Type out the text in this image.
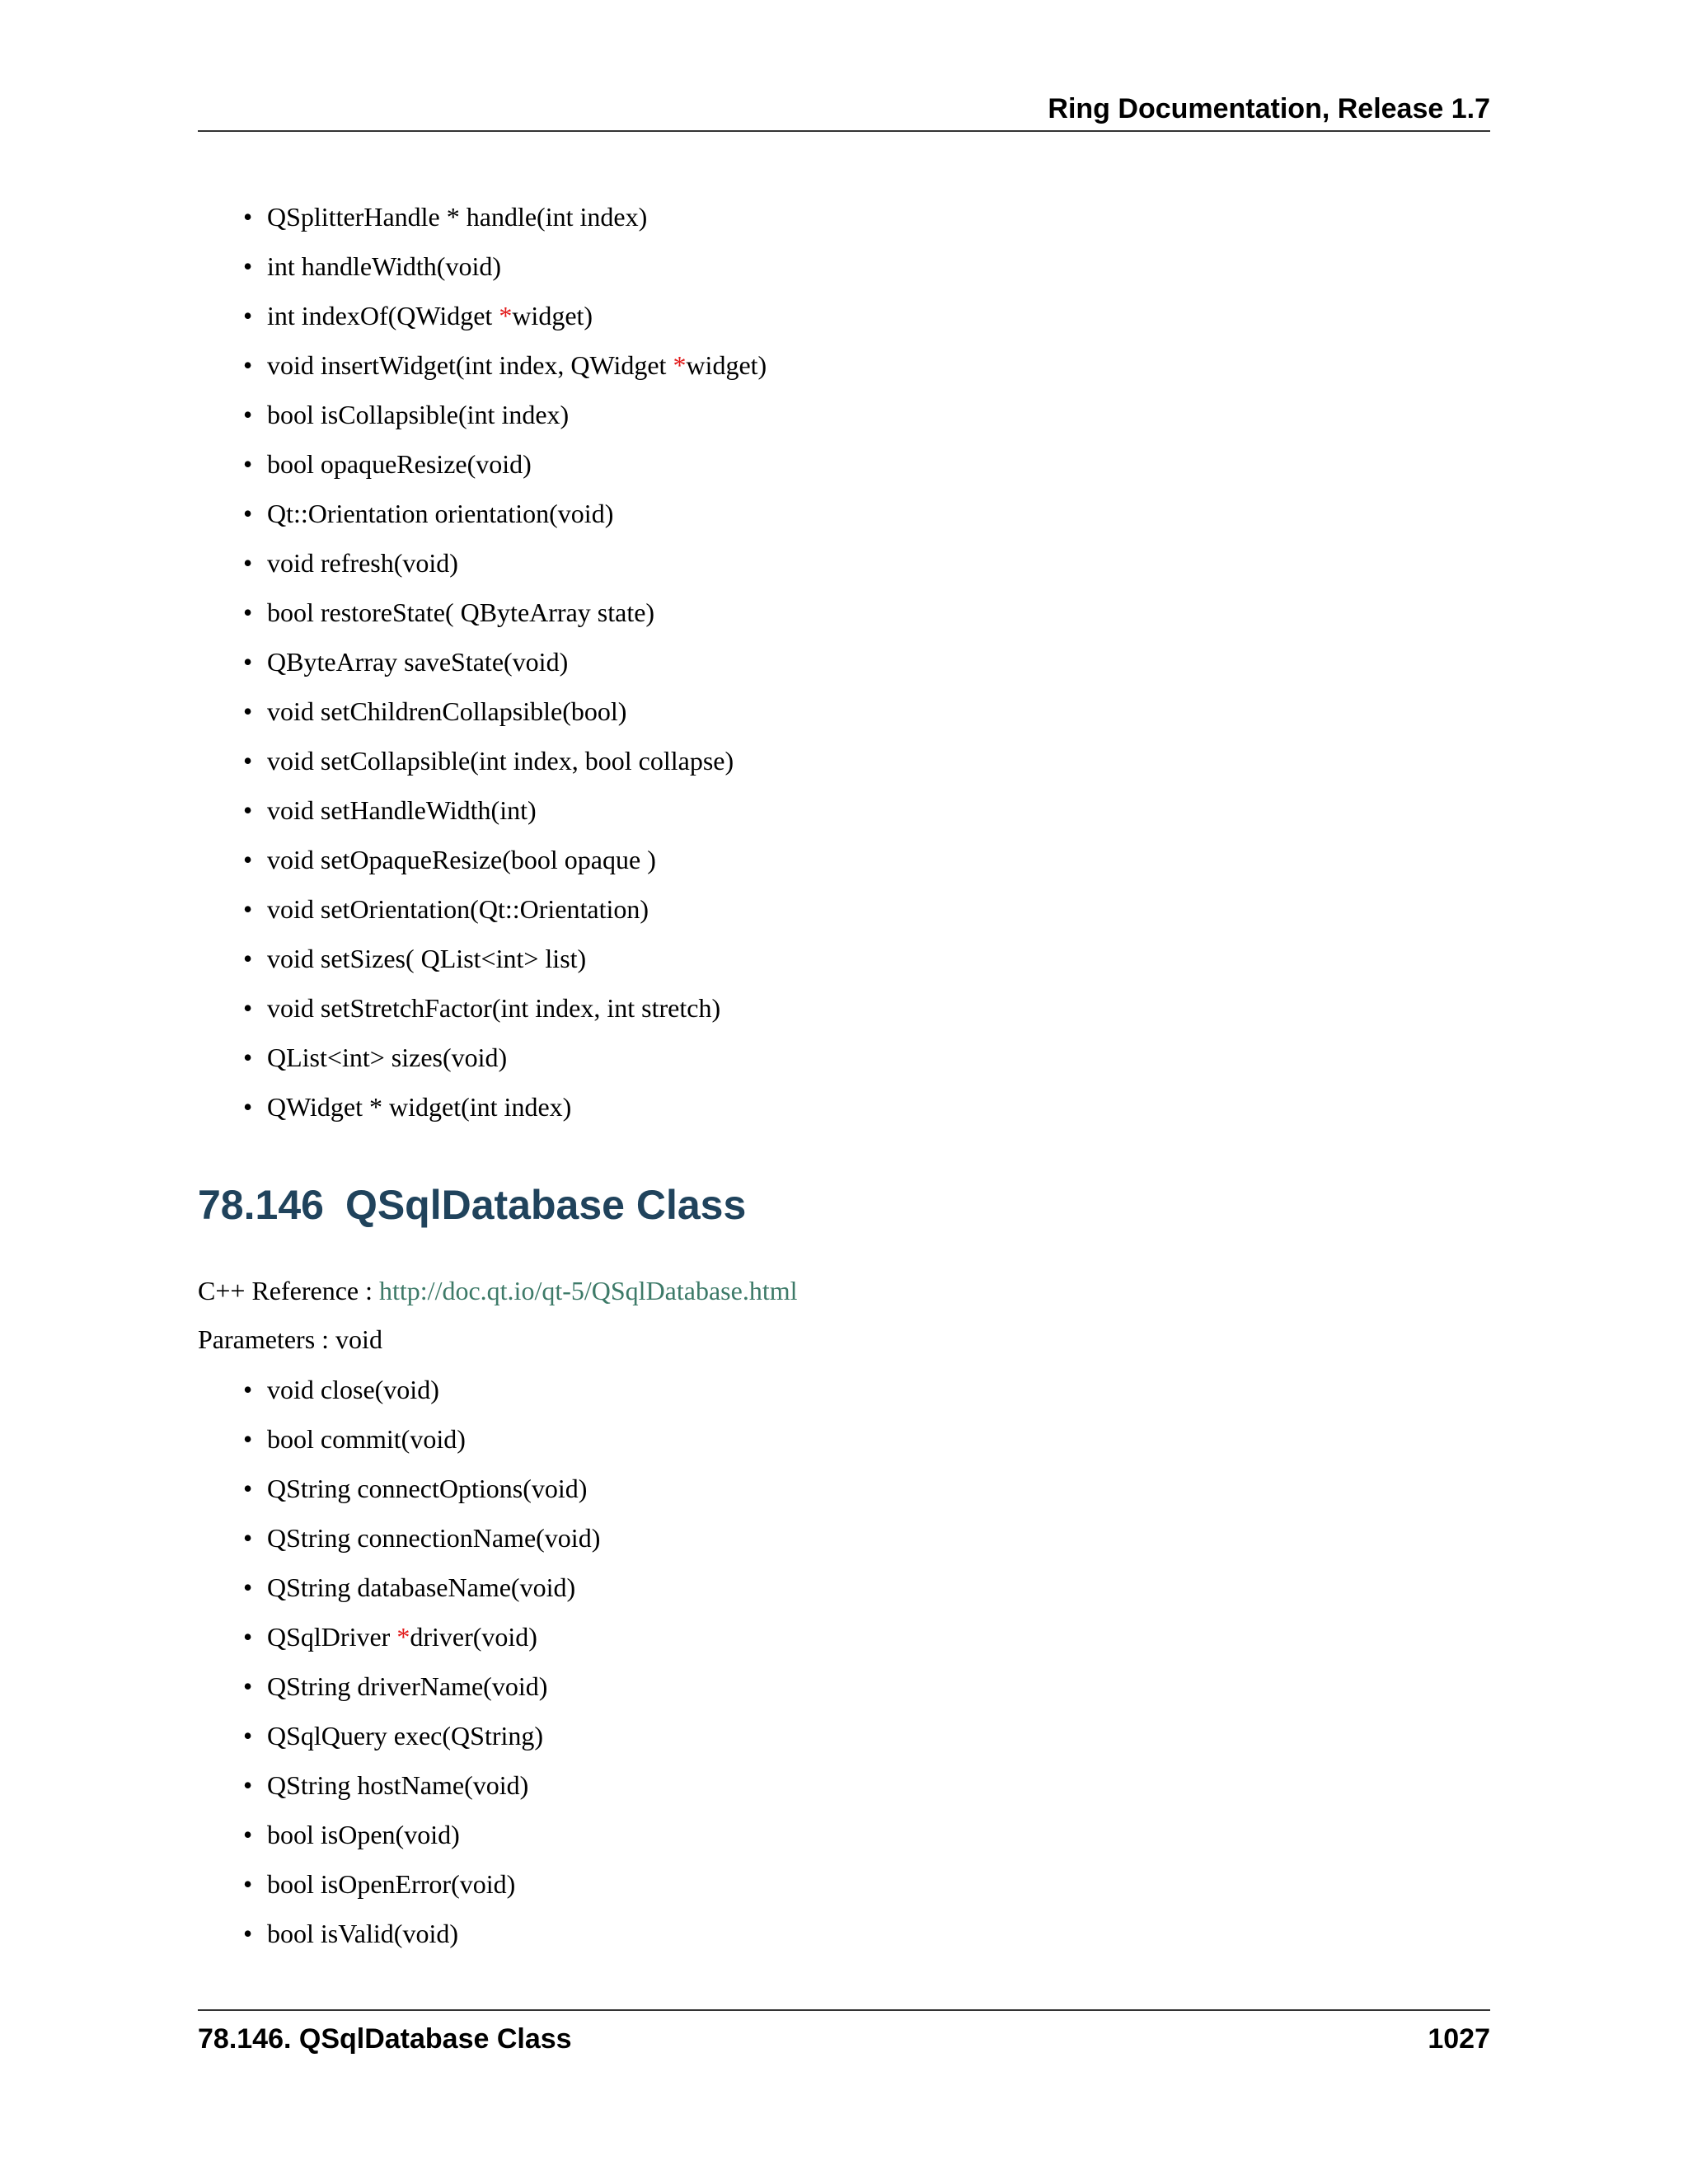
Ring Documentation, Release 1.7
• QSplitterHandle * handle(int index)
• int handleWidth(void)
• int indexOf(QWidget *widget)
• void insertWidget(int index, QWidget *widget)
• bool isCollapsible(int index)
• bool opaqueResize(void)
• Qt::Orientation orientation(void)
• void refresh(void)
• bool restoreState( QByteArray state)
• QByteArray saveState(void)
• void setChildrenCollapsible(bool)
• void setCollapsible(int index, bool collapse)
• void setHandleWidth(int)
• void setOpaqueResize(bool opaque )
• void setOrientation(Qt::Orientation)
• void setSizes( QList<int> list)
• void setStretchFactor(int index, int stretch)
• QList<int> sizes(void)
• QWidget * widget(int index)
78.146 QSqlDatabase Class

C++ Reference : http://doc.qt.io/qt-5/QSqlDatabase.html

Parameters : void

• void close(void)
• bool commit(void)
• QString connectOptions(void)
• QString connectionName(void)
• QString databaseName(void)
• QSqlDriver *driver(void)
• QString driverName(void)
• QSqlQuery exec(QString)
• QString hostName(void)
• bool isOpen(void)
• bool isOpenError(void)
• bool isValid(void)
78.146. QSqlDatabase Class	1027
